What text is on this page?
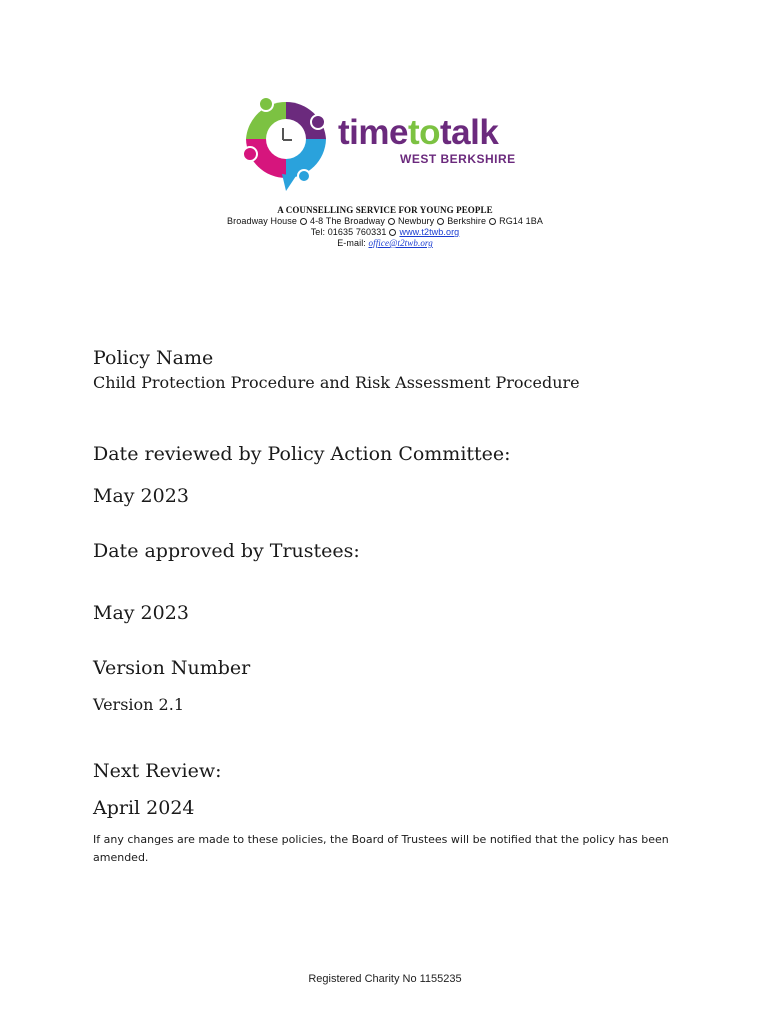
timetotalk
WEST BERKSHIRE
A COUNSELLING SERVICE FOR YOUNG PEOPLE
Broadway House 4-8 The Broadway Newbury Berkshire RG14 1BA
Tel: 01635 760331 www.t2twb.org
E-mail: office@t2twb.org
Policy Name
Child Protection Procedure and Risk Assessment Procedure
Date reviewed by Policy Action Committee:
May 2023
Date approved by Trustees:
May 2023
Version Number
Version 2.1
Next Review:
April 2024
If any changes are made to these policies, the Board of Trustees will be notified that the policy has been amended.
Registered Charity No 1155235
